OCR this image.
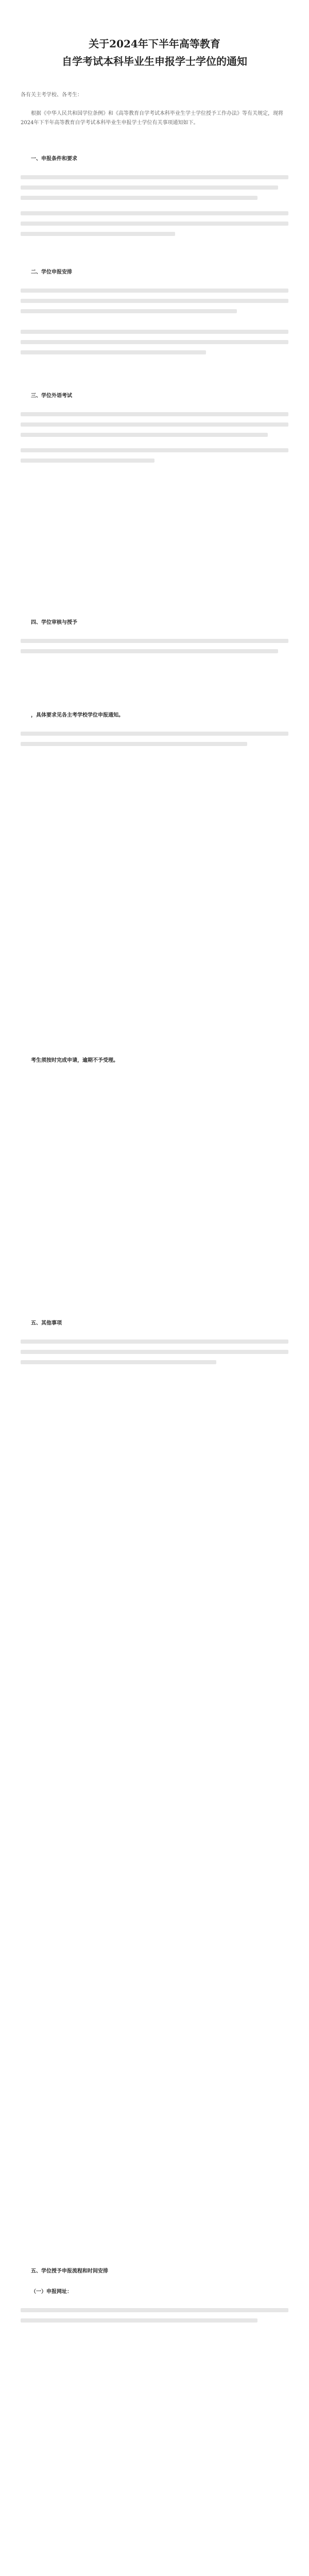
关于2024年下半年高等教育
自学考试本科毕业生申报学士学位的通知
各有关主考学校、各考生：
根据《中华人民共和国学位条例》和《高等教育自学考试本科毕业生学士学位授予工作办法》等有关规定，现将2024年下半年高等教育自学考试本科毕业生申报学士学位有关事项通知如下。
一、申报条件和要求
二、学位申报安排
三、学位外语考试
四、学位审核与授予
，具体要求见各主考学校学位申报通知。
考生须按时完成申请，逾期不予受理。
五、其他事项
五、学位授予申报流程和时间安排
（一）申报网址：
